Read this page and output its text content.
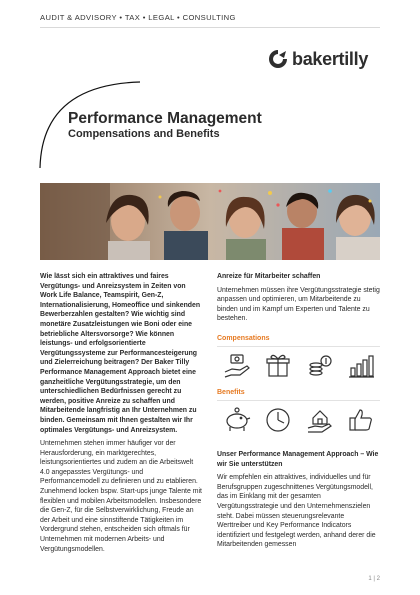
AUDIT & ADVISORY • TAX • LEGAL • CONSULTING
bakertilly
Performance Management
Compensations and Benefits

Wie lässt sich ein attraktives und faires Vergütungs- und Anreizsystem in Zeiten von Work Life Balance, Teamspirit, Gen-Z, Internationalisierung, Homeoffice und sinkenden Bewerberzahlen gestalten? Wie wichtig sind monetäre Zusatzleistungen wie Boni oder eine betriebliche Altersvorsorge? Wie können leistungs- und erfolgsorientierte Vergütungssysteme zur Performancesteigerung und Zielerreichung beitragen? Der Baker Tilly Performance Management Approach bietet eine ganzheitliche Vergütungsstrategie, um den unterschiedlichen Bedürfnissen gerecht zu werden, positive Anreize zu schaffen und Mitarbeitende langfristig an Ihr Unternehmen zu binden. Gemeinsam mit Ihnen gestalten wir Ihr optimales Vergütungs- und Anreizsystem.

Unternehmen stehen immer häufiger vor der Herausforderung, ein marktgerechtes, leistungsorientiertes und zudem an die Arbeitswelt 4.0 angepasstes Vergütungs- und Performancemodell zu definieren und zu etablieren. Zunehmend locken bspw. Start-ups junge Talente mit flexiblen und mobilen Arbeitsmodellen. Insbesondere die Gen-Z, für die Selbstverwirklichung, Freude an der Arbeit und eine sinnstiftende Tätigkeiten im Vordergrund stehen, entscheiden sich oftmals für Unternehmen mit modernen Arbeits- und Vergütungsmodellen.

Anreize für Mitarbeiter schaffen

Unternehmen müssen ihre Vergütungsstrategie stetig anpassen und optimieren, um Mitarbeitende zu binden und im Kampf um Experten und Talente zu bestehen.

Compensations
Benefits

Unser Performance Management Approach – Wie wir Sie unterstützen

Wir empfehlen ein attraktives, individuelles und für Berufsgruppen zugeschnittenes Vergütungsmodell, das im Einklang mit der gesamten Vergütungsstrategie und den Unternehmenszielen steht. Dabei müssen steuerungsrelevante Werttreiber und Key Performance Indicators identifiziert und festgelegt werden, anhand derer die Mitarbeitenden gemessen

1 | 2
